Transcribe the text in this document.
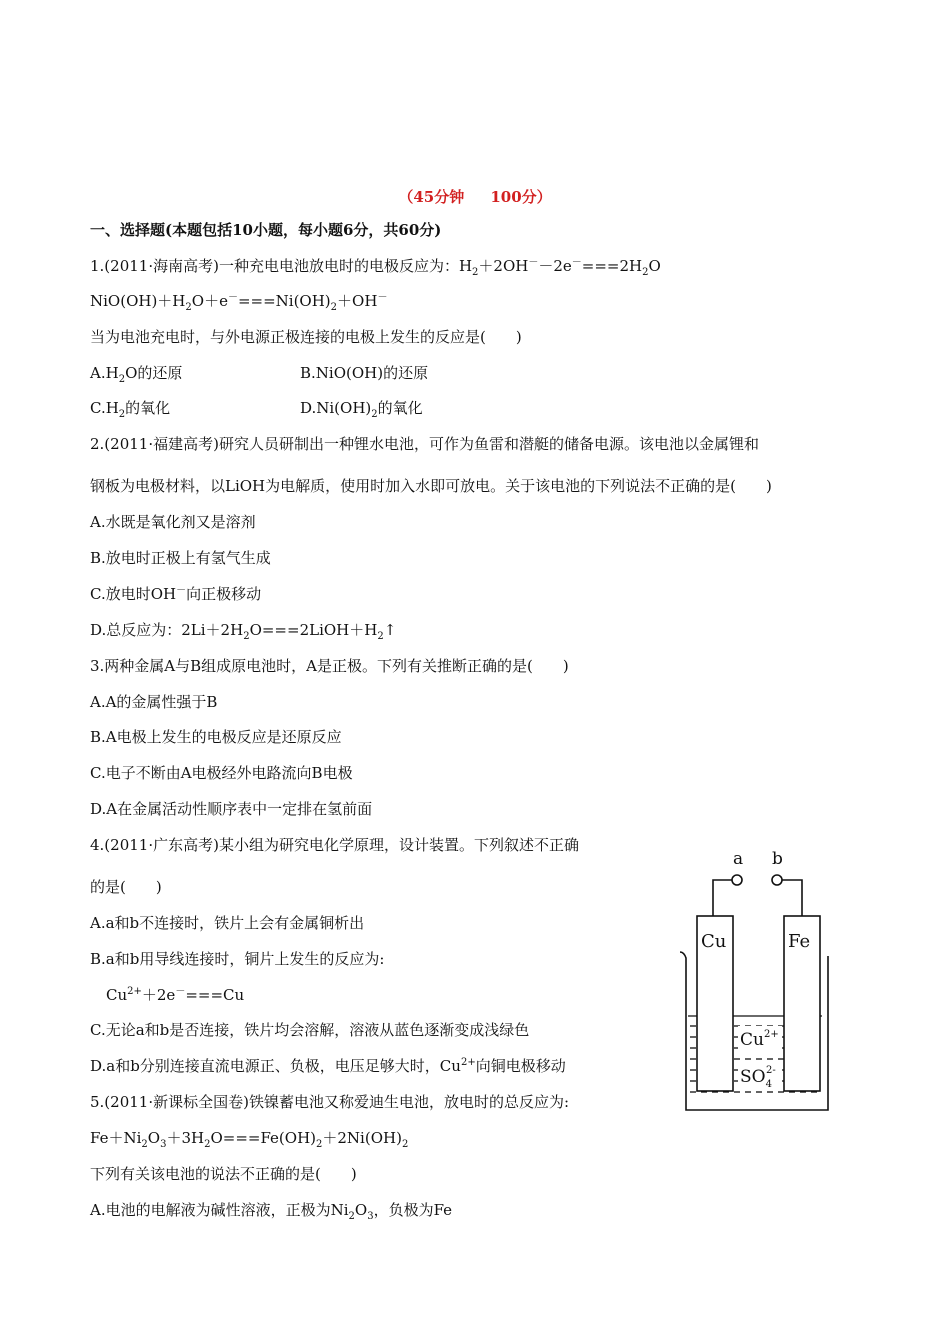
（45分钟 100分）
一、选择题(本题包括10小题，每小题6分，共60分)
1.(2011·海南高考)一种充电电池放电时的电极反应为：$H_2+2OH^--2e^-===2H_2O$
$NiO(OH)+H_2O+e^-===Ni(OH)_2+OH^-$
当为电池充电时，与外电源正极连接的电极上发生的反应是(　　)
$A.H_2O$的还原	B.NiO(OH)的还原
$C.H_2$的氧化	$D.Ni(OH)_2$的氧化
2.(2011·福建高考)研究人员研制出一种锂水电池，可作为鱼雷和潜艇的储备电源。该电池以金属锂和
钢板为电极材料，以LiOH为电解质，使用时加入水即可放电。关于该电池的下列说法不正确的是(　　)
A.水既是氧化剂又是溶剂
B.放电时正极上有氢气生成
C.放电时OH－向正极移动
D.总反应为：$2Li+2H_2O===2LiOH+H_2↑$
3.两种金属A与B组成原电池时，A是正极。下列有关推断正确的是(　　)
A.A的金属性强于B
B.A电极上发生的电极反应是还原反应
C.电子不断由A电极经外电路流向B电极
D.A在金属活动性顺序表中一定排在氢前面
4.(2011·广东高考)某小组为研究电化学原理，设计装置。下列叙述不正确
的是(　　)
A.a和b不连接时，铁片上会有金属铜析出
B.a和b用导线连接时，铜片上发生的反应为:
$Cu^{2+}+2e^-===Cu$
C.无论a和b是否连接，铁片均会溶解，溶液从蓝色逐渐变成浅绿色
D.a和b分别连接直流电源正、负极，电压足够大时，$Cu^{2+}$向铜电极移动
a b
Cu	Fe
$Cu^{2+}$
$SO_42-$
5.(2011·新课标全国卷)铁镍蓄电池又称爱迪生电池，放电时的总反应为:
$Fe+Ni_2O_3+3H_2O===Fe(OH)_2+2Ni(OH)_2$
下列有关该电池的说法不正确的是(　　)
A.电池的电解液为碱性溶液，正极为$Ni_2O_3$，负极为Fe
